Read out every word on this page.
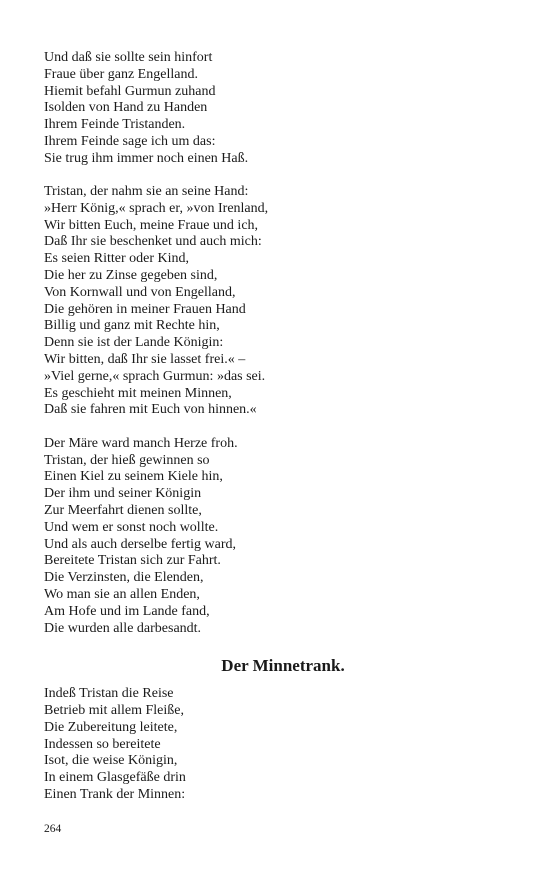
Und daß sie sollte sein hinfort
Fraue über ganz Engelland.
Hiemit befahl Gurmun zuhand
Isolden von Hand zu Handen
Ihrem Feinde Tristanden.
Ihrem Feinde sage ich um das:
Sie trug ihm immer noch einen Haß.
Tristan, der nahm sie an seine Hand:
»Herr König,« sprach er, »von Irenland,
Wir bitten Euch, meine Fraue und ich,
Daß Ihr sie beschenket und auch mich:
Es seien Ritter oder Kind,
Die her zu Zinse gegeben sind,
Von Kornwall und von Engelland,
Die gehören in meiner Frauen Hand
Billig und ganz mit Rechte hin,
Denn sie ist der Lande Königin:
Wir bitten, daß Ihr sie lasset frei.« –
»Viel gerne,« sprach Gurmun: »das sei.
Es geschieht mit meinen Minnen,
Daß sie fahren mit Euch von hinnen.«
Der Märe ward manch Herze froh.
Tristan, der hieß gewinnen so
Einen Kiel zu seinem Kiele hin,
Der ihm und seiner Königin
Zur Meerfahrt dienen sollte,
Und wem er sonst noch wollte.
Und als auch derselbe fertig ward,
Bereitete Tristan sich zur Fahrt.
Die Verzinsten, die Elenden,
Wo man sie an allen Enden,
Am Hofe und im Lande fand,
Die wurden alle darbesandt.
Der Minnetrank.
Indeß Tristan die Reise
Betrieb mit allem Fleiße,
Die Zubereitung leitete,
Indessen so bereitete
Isot, die weise Königin,
In einem Glasgefäße drin
Einen Trank der Minnen:
264
